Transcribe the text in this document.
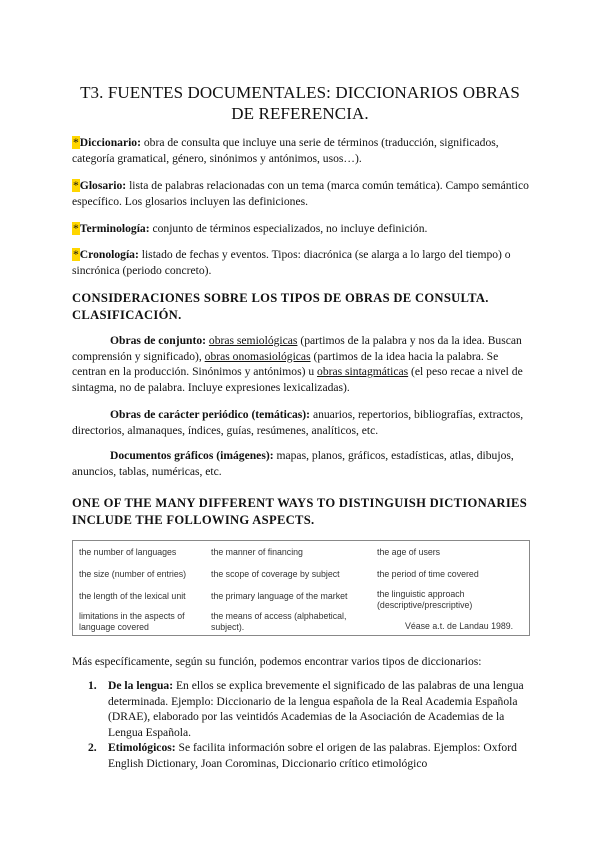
T3. FUENTES DOCUMENTALES: DICCIONARIOS OBRAS DE REFERENCIA.
*Diccionario: obra de consulta que incluye una serie de términos (traducción, significados, categoría gramatical, género, sinónimos y antónimos, usos…).
*Glosario: lista de palabras relacionadas con un tema (marca común temática). Campo semántico específico. Los glosarios incluyen las definiciones.
*Terminología: conjunto de términos especializados, no incluye definición.
*Cronología: listado de fechas y eventos. Tipos: diacrónica (se alarga a lo largo del tiempo) o sincrónica (periodo concreto).
CONSIDERACIONES SOBRE LOS TIPOS DE OBRAS DE CONSULTA. CLASIFICACIÓN.
Obras de conjunto: obras semiológicas (partimos de la palabra y nos da la idea. Buscan comprensión y significado), obras onomasiológicas (partimos de la idea hacia la palabra. Se centran en la producción. Sinónimos y antónimos) u obras sintagmáticas (el peso recae a nivel de sintagma, no de palabra. Incluye expresiones lexicalizadas).
Obras de carácter periódico (temáticas): anuarios, repertorios, bibliografías, extractos, directorios, almanaques, índices, guías, resúmenes, analíticos, etc.
Documentos gráficos (imágenes): mapas, planos, gráficos, estadísticas, atlas, dibujos, anuncios, tablas, numéricas, etc.
ONE OF THE MANY DIFFERENT WAYS TO DISTINGUISH DICTIONARIES INCLUDE THE FOLLOWING ASPECTS.
the number of languages
the size (number of entries)
the length of the lexical unit
limitations in the aspects of language covered
the manner of financing
the scope of coverage by subject
the primary language of the market
the means of access (alphabetical, subject).
the age of users
the period of time covered
the linguistic approach (descriptive/prescriptive)
Véase a.t. de Landau 1989.
Más específicamente, según su función, podemos encontrar varios tipos de diccionarios:
1. De la lengua: En ellos se explica brevemente el significado de las palabras de una lengua determinada. Ejemplo: Diccionario de la lengua española de la Real Academia Española (DRAE), elaborado por las veintidós Academias de la Asociación de Academias de la Lengua Española.
2. Etimológicos: Se facilita información sobre el origen de las palabras. Ejemplos: Oxford English Dictionary, Joan Corominas, Diccionario crítico etimológico
